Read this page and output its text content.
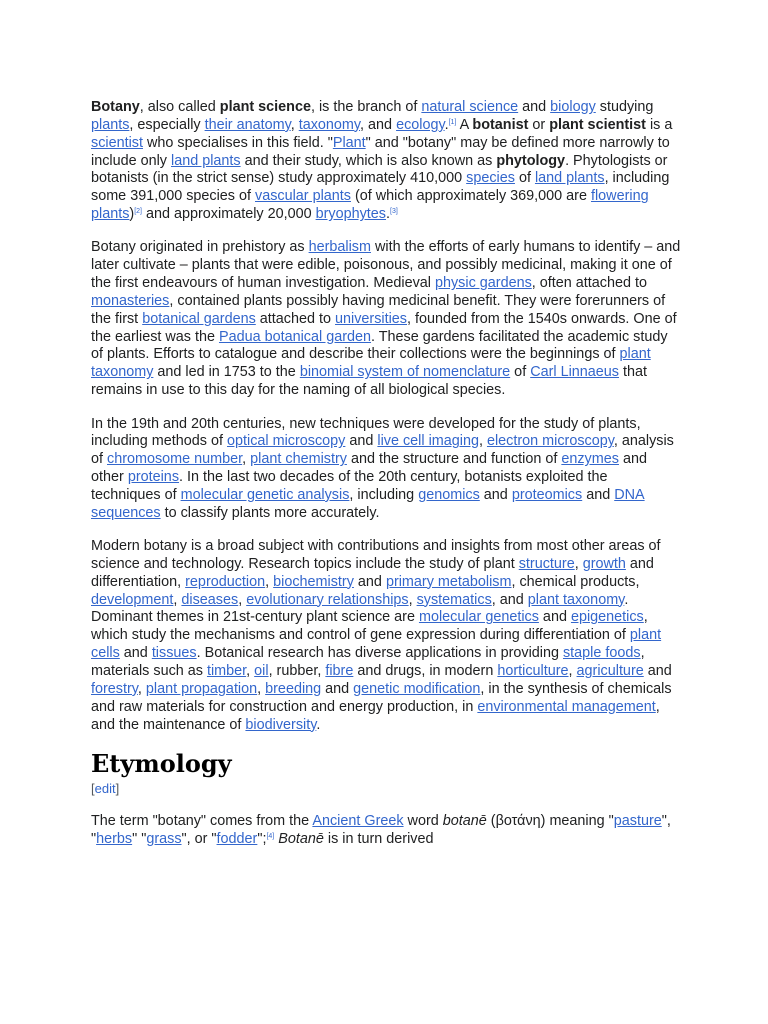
Botany, also called plant science, is the branch of natural science and biology studying plants, especially their anatomy, taxonomy, and ecology.[1] A botanist or plant scientist is a scientist who specialises in this field. "Plant" and "botany" may be defined more narrowly to include only land plants and their study, which is also known as phytology. Phytologists or botanists (in the strict sense) study approximately 410,000 species of land plants, including some 391,000 species of vascular plants (of which approximately 369,000 are flowering plants)[2] and approximately 20,000 bryophytes.[3]

Botany originated in prehistory as herbalism with the efforts of early humans to identify – and later cultivate – plants that were edible, poisonous, and possibly medicinal, making it one of the first endeavours of human investigation. Medieval physic gardens, often attached to monasteries, contained plants possibly having medicinal benefit. They were forerunners of the first botanical gardens attached to universities, founded from the 1540s onwards. One of the earliest was the Padua botanical garden. These gardens facilitated the academic study of plants. Efforts to catalogue and describe their collections were the beginnings of plant taxonomy and led in 1753 to the binomial system of nomenclature of Carl Linnaeus that remains in use to this day for the naming of all biological species.

In the 19th and 20th centuries, new techniques were developed for the study of plants, including methods of optical microscopy and live cell imaging, electron microscopy, analysis of chromosome number, plant chemistry and the structure and function of enzymes and other proteins. In the last two decades of the 20th century, botanists exploited the techniques of molecular genetic analysis, including genomics and proteomics and DNA sequences to classify plants more accurately.

Modern botany is a broad subject with contributions and insights from most other areas of science and technology. Research topics include the study of plant structure, growth and differentiation, reproduction, biochemistry and primary metabolism, chemical products, development, diseases, evolutionary relationships, systematics, and plant taxonomy. Dominant themes in 21st-century plant science are molecular genetics and epigenetics, which study the mechanisms and control of gene expression during differentiation of plant cells and tissues. Botanical research has diverse applications in providing staple foods, materials such as timber, oil, rubber, fibre and drugs, in modern horticulture, agriculture and forestry, plant propagation, breeding and genetic modification, in the synthesis of chemicals and raw materials for construction and energy production, in environmental management, and the maintenance of biodiversity.

Etymology
[edit]

The term "botany" comes from the Ancient Greek word botanē (βοτάνη) meaning "pasture", "herbs" "grass", or "fodder";[4] Botanē is in turn derived
